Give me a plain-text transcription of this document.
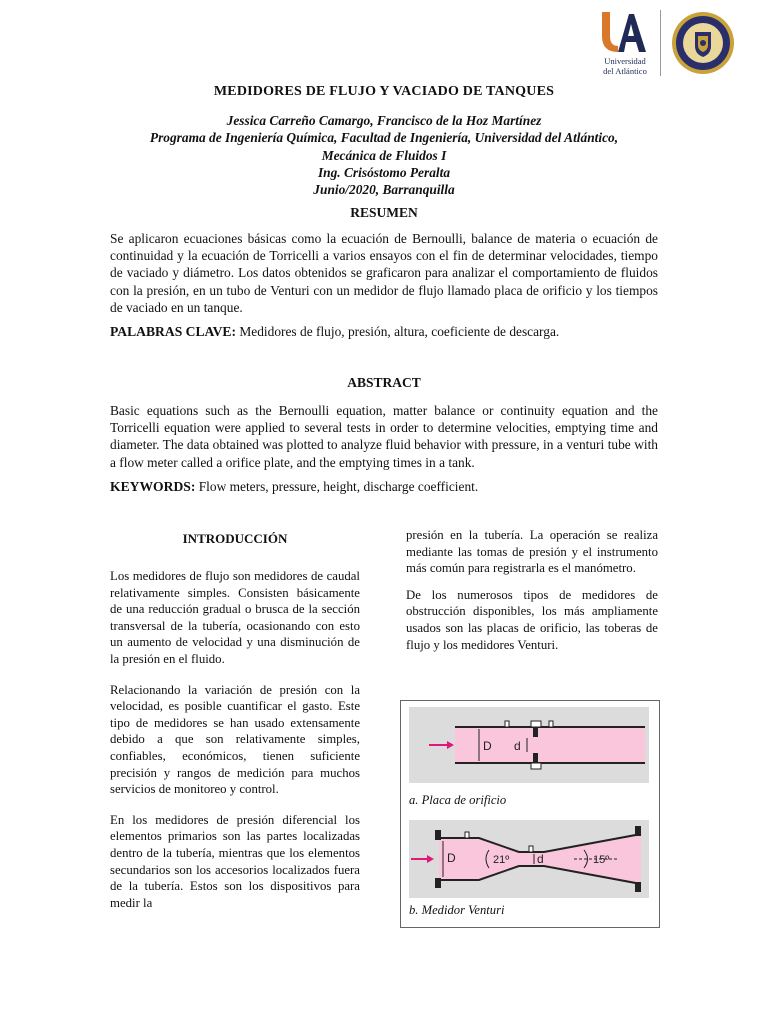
Universidad
del Atlántico
MEDIDORES DE FLUJO Y VACIADO DE TANQUES
Jessica Carreño Camargo, Francisco de la Hoz Martínez
Programa de Ingeniería Química, Facultad de Ingeniería, Universidad del Atlántico,
Mecánica de Fluidos I
Ing. Crisóstomo Peralta
Junio/2020, Barranquilla
RESUMEN
Se aplicaron ecuaciones básicas como la ecuación de Bernoulli, balance de materia o ecuación de continuidad y la ecuación de Torricelli a varios ensayos con el fin de determinar velocidades, tiempo de vaciado y diámetro. Los datos obtenidos se graficaron para analizar el comportamiento de fluidos con la presión, en un tubo de Venturi con un medidor de flujo llamado placa de orificio y los tiempos de vaciado en un tanque.
PALABRAS CLAVE: Medidores de flujo, presión, altura, coeficiente de descarga.
ABSTRACT
Basic equations such as the Bernoulli equation, matter balance or continuity equation and the Torricelli equation were applied to several tests in order to determine velocities, emptying time and diameter. The data obtained was plotted to analyze fluid behavior with pressure, in a venturi tube with a flow meter called a orifice plate, and the emptying times in a tank.
KEYWORDS: Flow meters, pressure, height, discharge coefficient.
INTRODUCCIÓN

Los medidores de flujo son medidores de caudal relativamente simples. Consisten básicamente de una reducción gradual o brusca de la sección transversal de la tubería, ocasionando con esto un aumento de velocidad y una disminución de la presión en el fluido.

Relacionando la variación de presión con la velocidad, es posible cuantificar el gasto. Este tipo de medidores se han usado extensamente debido a que son relativamente simples, confiables, económicos, tienen suficiente precisión y rangos de medición para muchos servicios de monitoreo y control.

En los medidores de presión diferencial los elementos primarios son las partes localizadas dentro de la tubería, mientras que los elementos secundarios son los accesorios localizados fuera de la tubería. Estos son los dispositivos para medir la

presión en la tubería. La operación se realiza mediante las tomas de presión y el instrumento más común para registrarla es el manómetro.

De los numerosos tipos de medidores de obstrucción disponibles, los más ampliamente usados son las placas de orificio, las toberas de flujo y los medidores Venturi.

D d
a. Placa de orificio
D	d
21º	15º
b. Medidor Venturi
